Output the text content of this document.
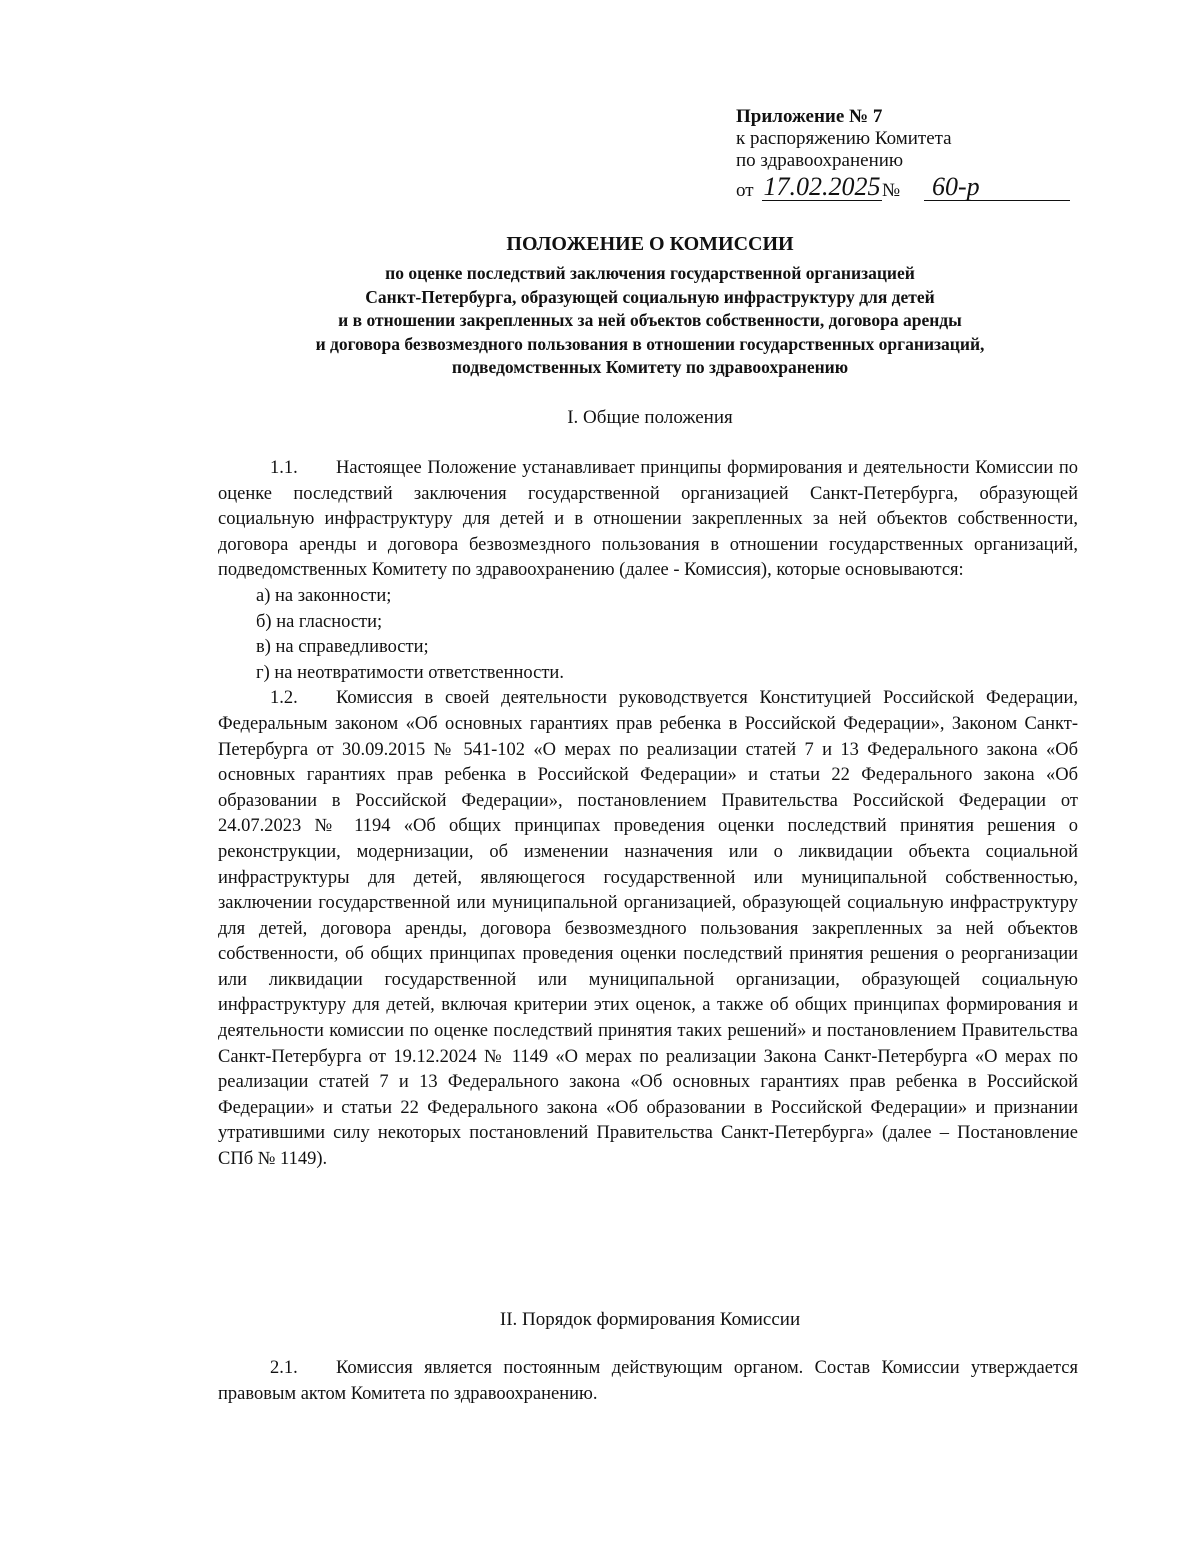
Приложение № 7
к распоряжению Комитета
по здравоохранению
от 17.02.2025 №	60-р
ПОЛОЖЕНИЕ О КОМИССИИ
по оценке последствий заключения государственной организацией
Санкт-Петербурга, образующей социальную инфраструктуру для детей
и в отношении закрепленных за ней объектов собственности, договора аренды
и договора безвозмездного пользования в отношении государственных организаций,
подведомственных Комитету по здравоохранению
I. Общие положения

1.1. Настоящее Положение устанавливает принципы формирования и деятельности Комиссии по оценке последствий заключения государственной организацией Санкт-Петербурга, образующей социальную инфраструктуру для детей и в отношении закрепленных за ней объектов собственности, договора аренды и договора безвозмездного пользования в отношении государственных организаций, подведомственных Комитету по здравоохранению (далее - Комиссия), которые основываются:

а) на законности;

б) на гласности;

в) на справедливости;

г) на неотвратимости ответственности.

1.2. Комиссия в своей деятельности руководствуется Конституцией Российской Федерации, Федеральным законом «Об основных гарантиях прав ребенка в Российской Федерации», Законом Санкт-Петербурга от 30.09.2015 № 541-102 «О мерах по реализации статей 7 и 13 Федерального закона «Об основных гарантиях прав ребенка в Российской Федерации» и статьи 22 Федерального закона «Об образовании в Российской Федерации», постановлением Правительства Российской Федерации от 24.07.2023 № 1194 «Об общих принципах проведения оценки последствий принятия решения о реконструкции, модернизации, об изменении назначения или о ликвидации объекта социальной инфраструктуры для детей, являющегося государственной или муниципальной собственностью, заключении государственной или муниципальной организацией, образующей социальную инфраструктуру для детей, договора аренды, договора безвозмездного пользования закрепленных за ней объектов собственности, об общих принципах проведения оценки последствий принятия решения о реорганизации или ликвидации государственной или муниципальной организации, образующей социальную инфраструктуру для детей, включая критерии этих оценок, а также об общих принципах формирования и деятельности комиссии по оценке последствий принятия таких решений» и постановлением Правительства Санкт-Петербурга от 19.12.2024 № 1149 «О мерах по реализации Закона Санкт-Петербурга «О мерах по реализации статей 7 и 13 Федерального закона «Об основных гарантиях прав ребенка в Российской Федерации» и статьи 22 Федерального закона «Об образовании в Российской Федерации» и признании утратившими силу некоторых постановлений Правительства Санкт-Петербурга» (далее – Постановление СПб № 1149).

II. Порядок формирования Комиссии

2.1. Комиссия является постоянным действующим органом. Состав Комиссии утверждается правовым актом Комитета по здравоохранению.
